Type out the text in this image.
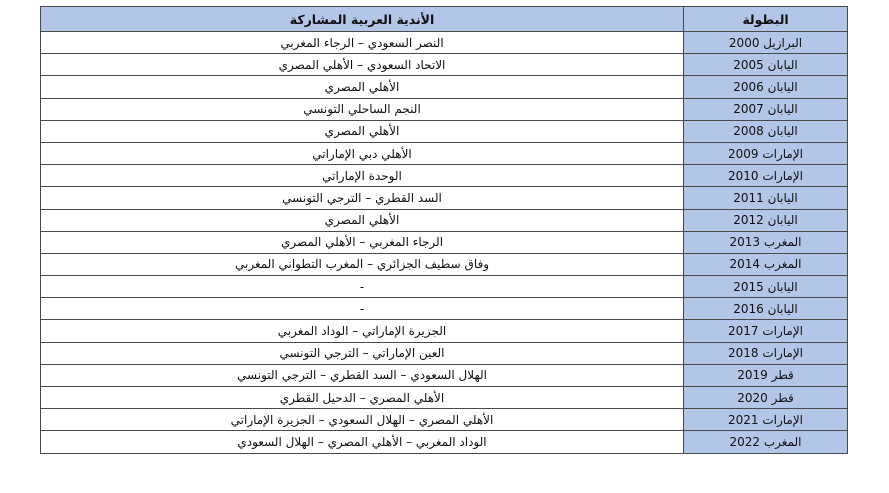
الأندية العربية المشاركة	البطولة
النصر السعودي – الرجاء المغربي	البرازيل 2000
الاتحاد السعودي – الأهلي المصري	اليابان 2005
الأهلي المصري	اليابان 2006
النجم الساحلي التونسي	اليابان 2007
الأهلي المصري	اليابان 2008
الأهلي دبي الإماراتي	الإمارات 2009
الوحدة الإماراتي	الإمارات 2010
السد القطري – الترجي التونسي	اليابان 2011
الأهلي المصري	اليابان 2012
الرجاء المغربي – الأهلي المصري	المغرب 2013
وفاق سطيف الجزائري – المغرب التطواني المغربي	المغرب 2014
-	اليابان 2015
-	اليابان 2016
الجزيرة الإماراتي – الوداد المغربي	الإمارات 2017
العين الإماراتي – الترجي التونسي	الإمارات 2018
الهلال السعودي – السد القطري – الترجي التونسي	قطر 2019
الأهلي المصري – الدحيل القطري	قطر 2020
الأهلي المصري – الهلال السعودي – الجزيرة الإماراتي	الإمارات 2021
الوداد المغربي – الأهلي المصري – الهلال السعودي	المغرب 2022
